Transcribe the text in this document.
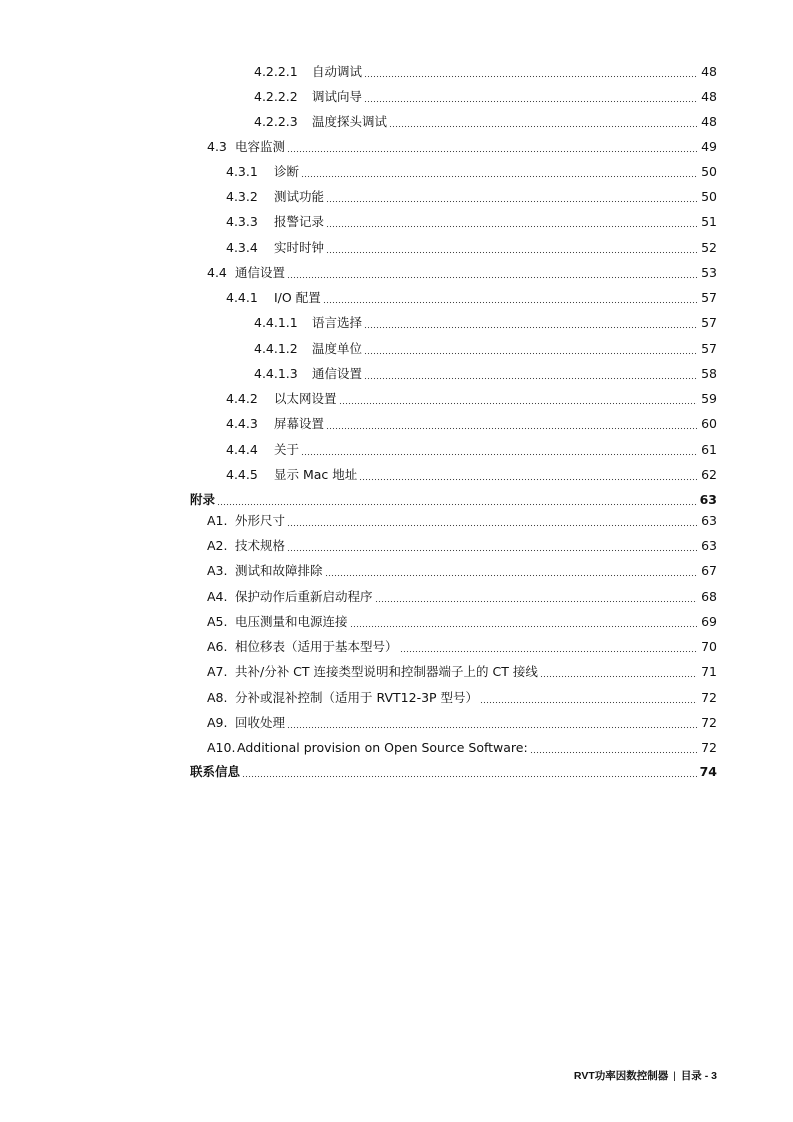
4.2.2.1	自动调试	48
4.2.2.2	调试向导	48
4.2.2.3	温度探头调试	48
4.3 电容监测	49
4.3.1	诊断	50
4.3.2	测试功能	50
4.3.3	报警记录	51
4.3.4	实时时钟	52
4.4 通信设置	53
4.4.1	I/O 配置	57
4.4.1.1	语言选择	57
4.4.1.2	温度单位	57
4.4.1.3	通信设置	58
4.4.2	以太网设置	59
4.4.3	屏幕设置	60
4.4.4	关于	61
4.4.5	显示 Mac 地址	62
附录	63
A1. 外形尺寸	63
A2. 技术规格	63
A3. 测试和故障排除	67
A4. 保护动作后重新启动程序	68
A5. 电压测量和电源连接	69
A6. 相位移表（适用于基本型号）	70
A7. 共补/分补 CT 连接类型说明和控制器端子上的 CT 接线	71
A8. 分补或混补控制（适用于 RVT12-3P 型号）	72
A9. 回收处理	72
A10. Additional provision on Open Source Software:	72
联系信息	74
RVT功率因数控制器 | 目录 - 3
